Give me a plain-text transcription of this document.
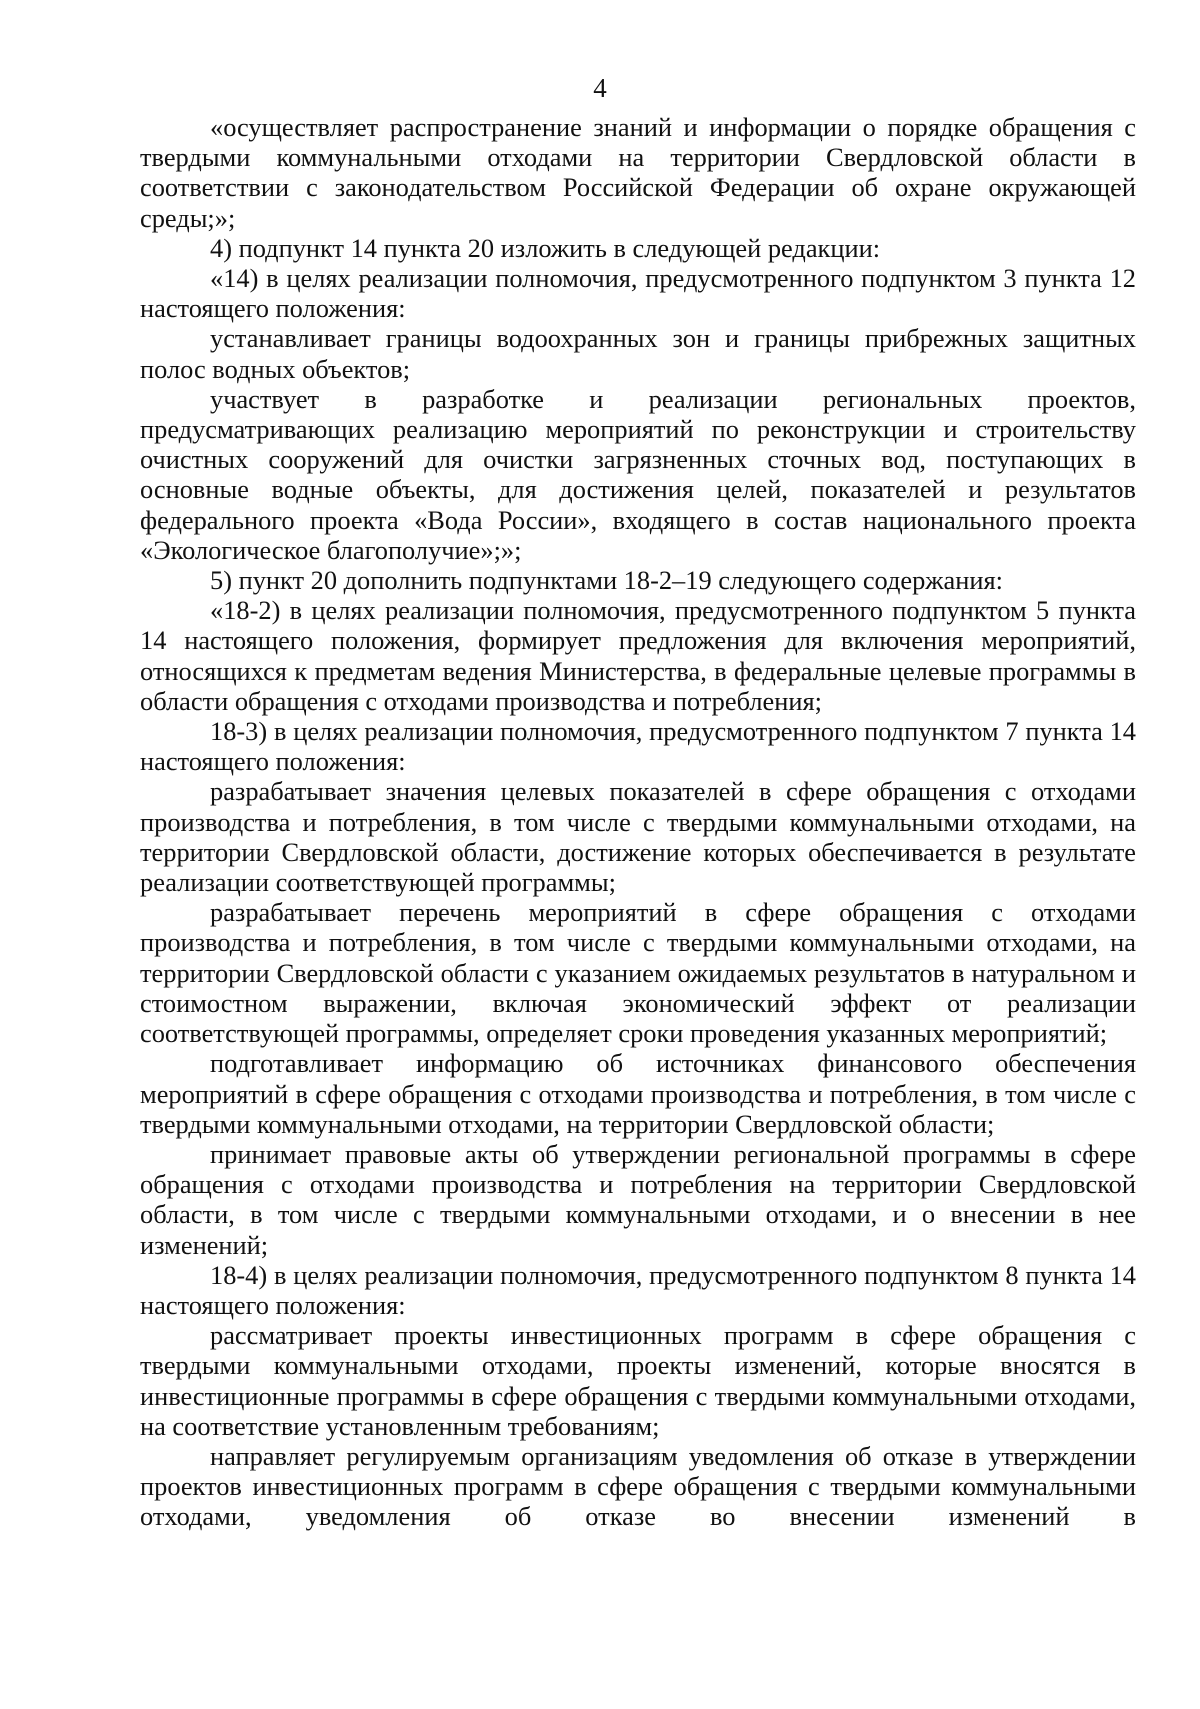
4

«осуществляет распространение знаний и информации о порядке обращения с твердыми коммунальными отходами на территории Свердловской области в соответствии с законодательством Российской Федерации об охране окружающей среды;»;

4) подпункт 14 пункта 20 изложить в следующей редакции:

«14) в целях реализации полномочия, предусмотренного подпунктом 3 пункта 12 настоящего положения:

устанавливает границы водоохранных зон и границы прибрежных защитных полос водных объектов;

участвует в разработке и реализации региональных проектов, предусматривающих реализацию мероприятий по реконструкции и строительству очистных сооружений для очистки загрязненных сточных вод, поступающих в основные водные объекты, для достижения целей, показателей и результатов федерального проекта «Вода России», входящего в состав национального проекта «Экологическое благополучие»;»;

5) пункт 20 дополнить подпунктами 18-2–19 следующего содержания:

«18-2) в целях реализации полномочия, предусмотренного подпунктом 5 пункта 14 настоящего положения, формирует предложения для включения мероприятий, относящихся к предметам ведения Министерства, в федеральные целевые программы в области обращения с отходами производства и потребления;

18-3) в целях реализации полномочия, предусмотренного подпунктом 7 пункта 14 настоящего положения:

разрабатывает значения целевых показателей в сфере обращения с отходами производства и потребления, в том числе с твердыми коммунальными отходами, на территории Свердловской области, достижение которых обеспечивается в результате реализации соответствующей программы;

разрабатывает перечень мероприятий в сфере обращения с отходами производства и потребления, в том числе с твердыми коммунальными отходами, на территории Свердловской области с указанием ожидаемых результатов в натуральном и стоимостном выражении, включая экономический эффект от реализации соответствующей программы, определяет сроки проведения указанных мероприятий;

подготавливает информацию об источниках финансового обеспечения мероприятий в сфере обращения с отходами производства и потребления, в том числе с твердыми коммунальными отходами, на территории Свердловской области;

принимает правовые акты об утверждении региональной программы в сфере обращения с отходами производства и потребления на территории Свердловской области, в том числе с твердыми коммунальными отходами, и о внесении в нее изменений;

18-4) в целях реализации полномочия, предусмотренного подпунктом 8 пункта 14 настоящего положения:

рассматривает проекты инвестиционных программ в сфере обращения с твердыми коммунальными отходами, проекты изменений, которые вносятся в инвестиционные программы в сфере обращения с твердыми коммунальными отходами, на соответствие установленным требованиям;

направляет регулируемым организациям уведомления об отказе в утверждении проектов инвестиционных программ в сфере обращения с твердыми коммунальными отходами, уведомления об отказе во внесении изменений в
